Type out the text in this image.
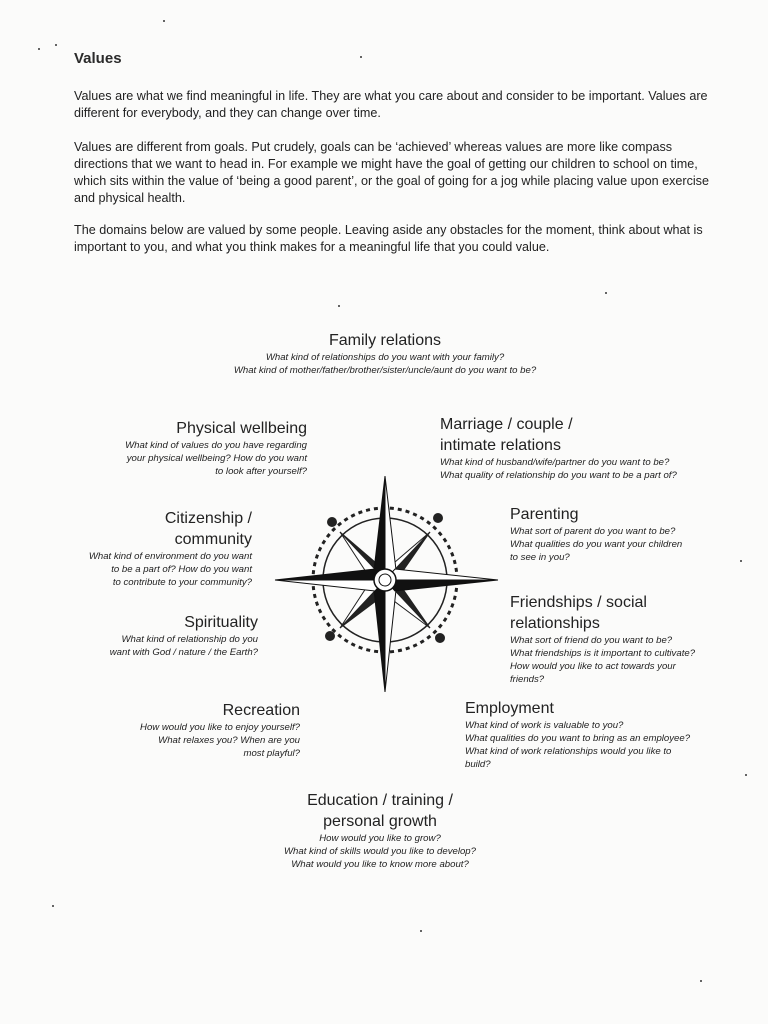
Values
Values are what we find meaningful in life. They are what you care about and consider to be important. Values are different for everybody, and they can change over time.
Values are different from goals. Put crudely, goals can be ‘achieved’ whereas values are more like compass directions that we want to head in. For example we might have the goal of getting our children to school on time, which sits within the value of ‘being a good parent’, or the goal of going for a jog while placing value upon exercise and physical health.
The domains below are valued by some people. Leaving aside any obstacles for the moment, think about what is important to you, and what you think makes for a meaningful life that you could value.
Family relations
What kind of relationships do you want with your family?
What kind of mother/father/brother/sister/uncle/aunt do you want to be?
Physical wellbeing
What kind of values do you have regarding
your physical wellbeing? How do you want
to look after yourself?
Marriage / couple /
intimate relations
What kind of husband/wife/partner do you want to be?
What quality of relationship do you want to be a part of?
Citizenship /
community
What kind of environment do you want
to be a part of? How do you want
to contribute to your community?
Parenting
What sort of parent do you want to be?
What qualities do you want your children
to see in you?
Friendships / social
relationships
What sort of friend do you want to be?
What friendships is it important to cultivate?
How would you like to act towards your
friends?
Spirituality
What kind of relationship do you
want with God / nature / the Earth?
Recreation
How would you like to enjoy yourself?
What relaxes you? When are you
most playful?
Employment
What kind of work is valuable to you?
What qualities do you want to bring as an employee?
What kind of work relationships would you like to
build?
Education / training /
personal growth
How would you like to grow?
What kind of skills would you like to develop?
What would you like to know more about?
